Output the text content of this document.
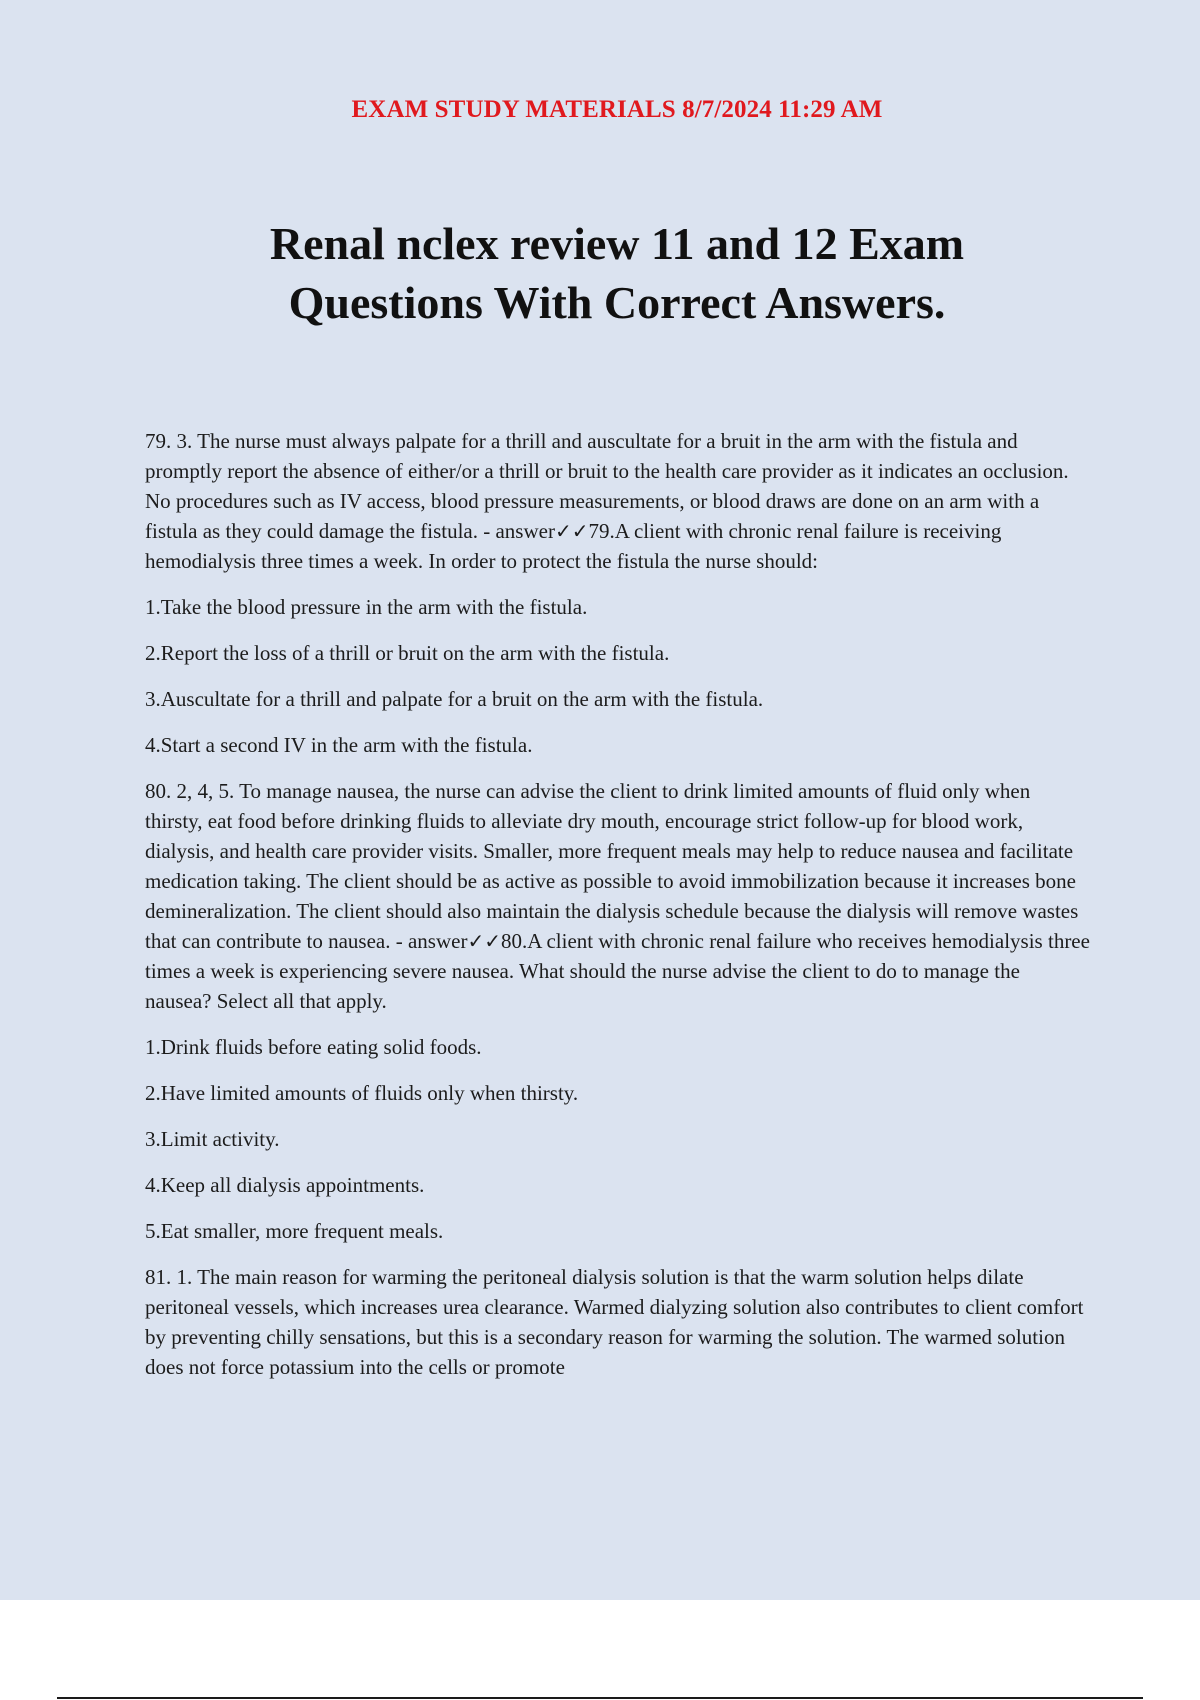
EXAM STUDY MATERIALS 8/7/2024 11:29 AM
Renal nclex review 11 and 12 Exam
Questions With Correct Answers.

79. 3. The nurse must always palpate for a thrill and auscultate for a bruit in the arm with the fistula and promptly report the absence of either/or a thrill or bruit to the health care provider as it indicates an occlusion. No procedures such as IV access, blood pressure measurements, or blood draws are done on an arm with a fistula as they could damage the fistula. - answer✓✓79.A client with chronic renal failure is receiving hemodialysis three times a week. In order to protect the fistula the nurse should:

1.Take the blood pressure in the arm with the fistula.

2.Report the loss of a thrill or bruit on the arm with the fistula.

3.Auscultate for a thrill and palpate for a bruit on the arm with the fistula.

4.Start a second IV in the arm with the fistula.

80. 2, 4, 5. To manage nausea, the nurse can advise the client to drink limited amounts of fluid only when thirsty, eat food before drinking fluids to alleviate dry mouth, encourage strict follow-up for blood work, dialysis, and health care provider visits. Smaller, more frequent meals may help to reduce nausea and facilitate medication taking. The client should be as active as possible to avoid immobilization because it increases bone demineralization. The client should also maintain the dialysis schedule because the dialysis will remove wastes that can contribute to nausea. - answer✓✓80.A client with chronic renal failure who receives hemodialysis three times a week is experiencing severe nausea. What should the nurse advise the client to do to manage the nausea? Select all that apply.

1.Drink fluids before eating solid foods.

2.Have limited amounts of fluids only when thirsty.

3.Limit activity.

4.Keep all dialysis appointments.

5.Eat smaller, more frequent meals.

81. 1. The main reason for warming the peritoneal dialysis solution is that the warm solution helps dilate peritoneal vessels, which increases urea clearance. Warmed dialyzing solution also contributes to client comfort by preventing chilly sensations, but this is a secondary reason for warming the solution. The warmed solution does not force potassium into the cells or promote
